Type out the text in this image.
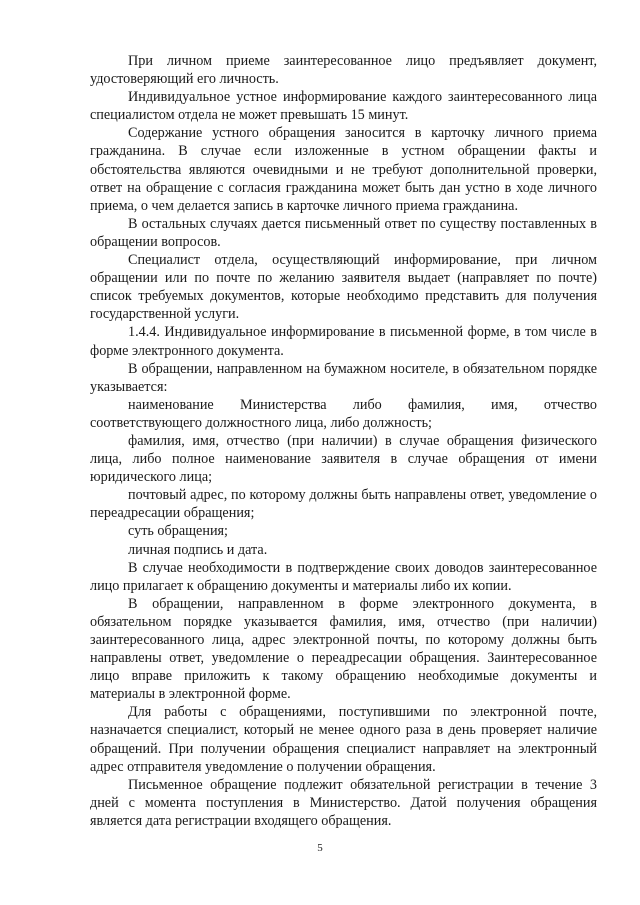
При личном приеме заинтересованное лицо предъявляет документ, удостоверяющий его личность.

Индивидуальное устное информирование каждого заинтересованного лица специалистом отдела не может превышать 15 минут.

Содержание устного обращения заносится в карточку личного приема гражданина. В случае если изложенные в устном обращении факты и обстоятельства являются очевидными и не требуют дополнительной проверки, ответ на обращение с согласия гражданина может быть дан устно в ходе личного приема, о чем делается запись в карточке личного приема гражданина.

В остальных случаях дается письменный ответ по существу поставленных в обращении вопросов.

Специалист отдела, осуществляющий информирование, при личном обращении или по почте по желанию заявителя выдает (направляет по почте) список требуемых документов, которые необходимо представить для получения государственной услуги.

1.4.4. Индивидуальное информирование в письменной форме, в том числе в форме электронного документа.

В обращении, направленном на бумажном носителе, в обязательном порядке указывается:

наименование Министерства либо фамилия, имя, отчество соответствующего должностного лица, либо должность;

фамилия, имя, отчество (при наличии) в случае обращения физического лица, либо полное наименование заявителя в случае обращения от имени юридического лица;

почтовый адрес, по которому должны быть направлены ответ, уведомление о переадресации обращения;

суть обращения;

личная подпись и дата.

В случае необходимости в подтверждение своих доводов заинтересованное лицо прилагает к обращению документы и материалы либо их копии.

В обращении, направленном в форме электронного документа, в обязательном порядке указывается фамилия, имя, отчество (при наличии) заинтересованного лица, адрес электронной почты, по которому должны быть направлены ответ, уведомление о переадресации обращения. Заинтересованное лицо вправе приложить к такому обращению необходимые документы и материалы в электронной форме.

Для работы с обращениями, поступившими по электронной почте, назначается специалист, который не менее одного раза в день проверяет наличие обращений. При получении обращения специалист направляет на электронный адрес отправителя уведомление о получении обращения.

Письменное обращение подлежит обязательной регистрации в течение 3 дней с момента поступления в Министерство. Датой получения обращения является дата регистрации входящего обращения.

5
